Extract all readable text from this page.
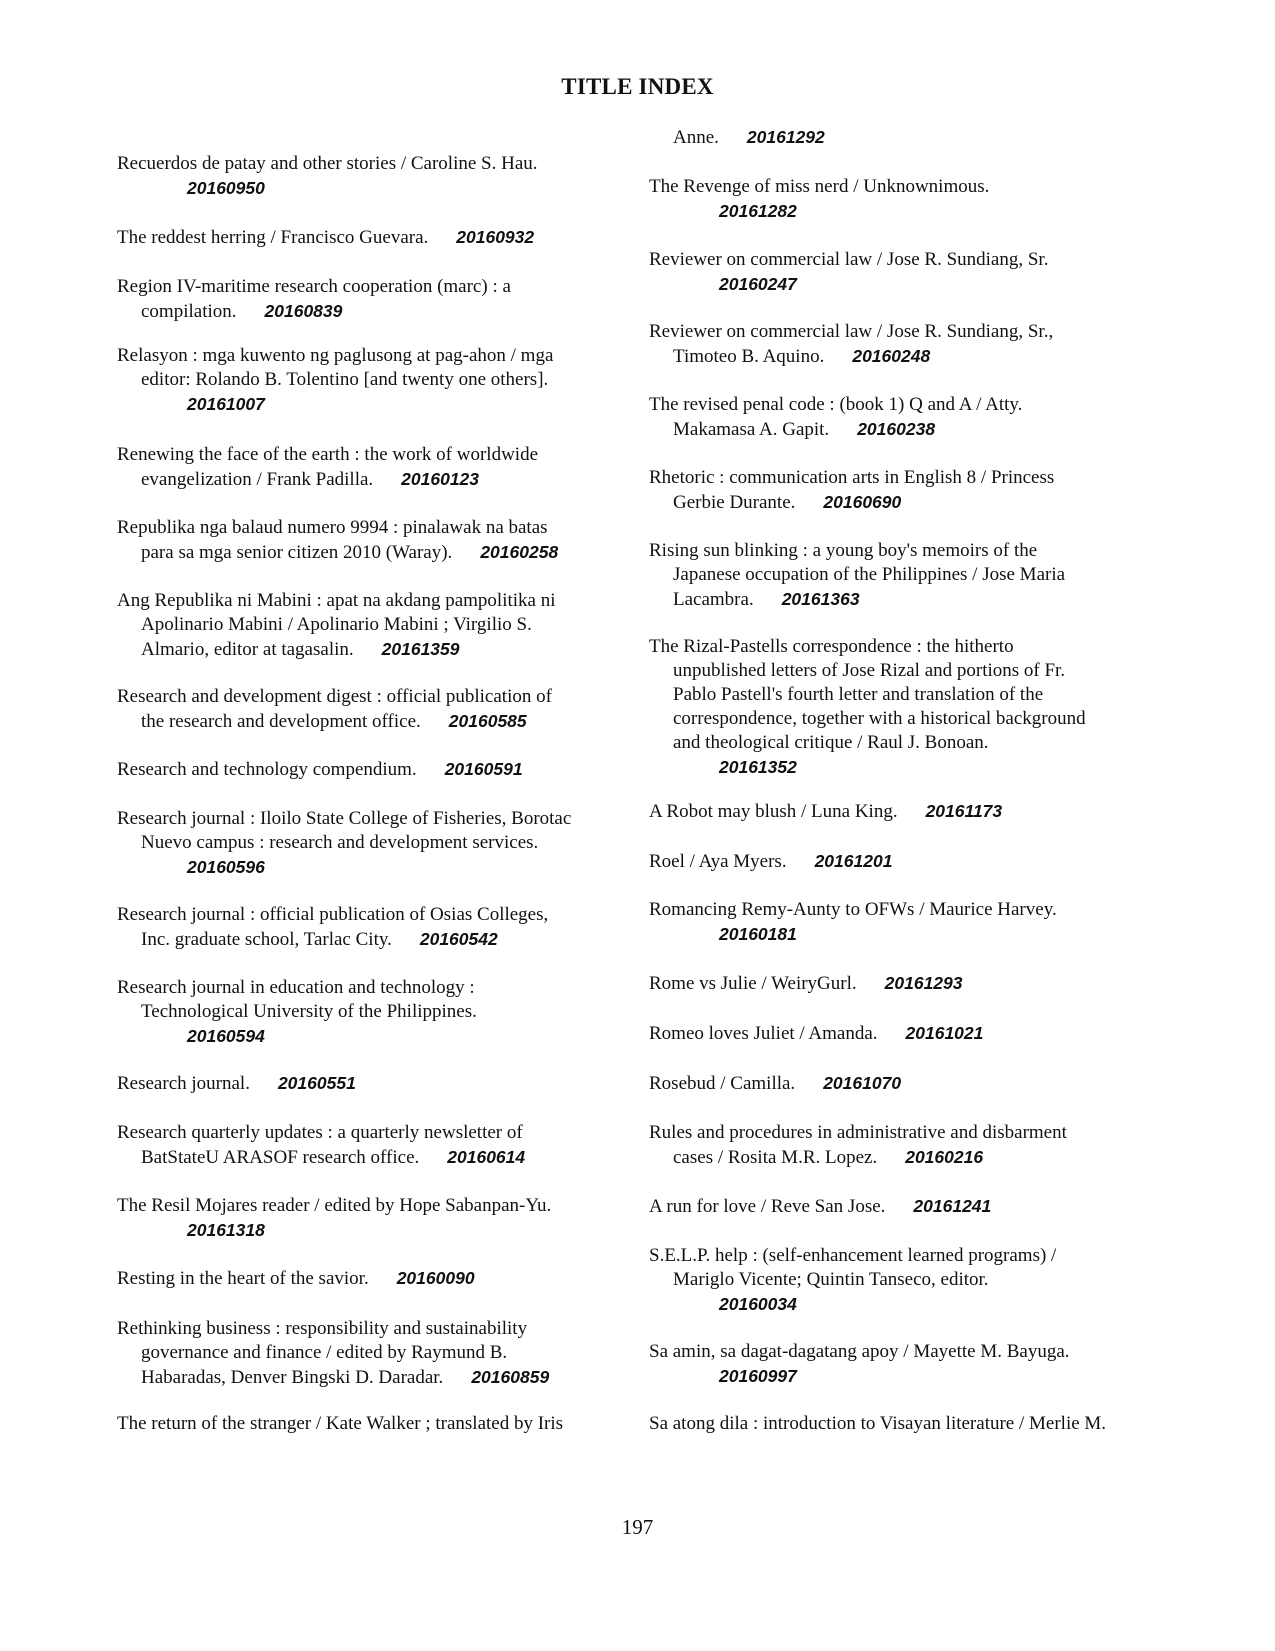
TITLE INDEX
Recuerdos de patay and other stories / Caroline S. Hau.
20160950
The reddest herring / Francisco Guevara. 20160932
Region IV-maritime research cooperation (marc) : a
compilation. 20160839
Relasyon : mga kuwento ng paglusong at pag-ahon / mga
editor: Rolando B. Tolentino [and twenty one others].
20161007
Renewing the face of the earth : the work of worldwide
evangelization / Frank Padilla. 20160123
Republika nga balaud numero 9994 : pinalawak na batas
para sa mga senior citizen 2010 (Waray). 20160258
Ang Republika ni Mabini : apat na akdang pampolitika ni
Apolinario Mabini / Apolinario Mabini ; Virgilio S.
Almario, editor at tagasalin. 20161359
Research and development digest : official publication of
the research and development office. 20160585
Research and technology compendium. 20160591
Research journal : Iloilo State College of Fisheries, Borotac
Nuevo campus : research and development services.
20160596
Research journal : official publication of Osias Colleges,
Inc. graduate school, Tarlac City. 20160542
Research journal in education and technology :
Technological University of the Philippines.
20160594
Research journal. 20160551
Research quarterly updates : a quarterly newsletter of
BatStateU ARASOF research office. 20160614
The Resil Mojares reader / edited by Hope Sabanpan-Yu.
20161318
Resting in the heart of the savior. 20160090
Rethinking business : responsibility and sustainability
governance and finance / edited by Raymund B.
Habaradas, Denver Bingski D. Daradar. 20160859
The return of the stranger / Kate Walker ; translated by Iris
Anne. 20161292
The Revenge of miss nerd / Unknownimous.
20161282
Reviewer on commercial law / Jose R. Sundiang, Sr.
20160247
Reviewer on commercial law / Jose R. Sundiang, Sr.,
Timoteo B. Aquino. 20160248
The revised penal code : (book 1) Q and A / Atty.
Makamasa A. Gapit. 20160238
Rhetoric : communication arts in English 8 / Princess
Gerbie Durante. 20160690
Rising sun blinking : a young boy's memoirs of the
Japanese occupation of the Philippines / Jose Maria
Lacambra. 20161363
The Rizal-Pastells correspondence : the hitherto
unpublished letters of Jose Rizal and portions of Fr.
Pablo Pastell's fourth letter and translation of the
correspondence, together with a historical background
and theological critique / Raul J. Bonoan.
20161352
A Robot may blush / Luna King. 20161173
Roel / Aya Myers. 20161201
Romancing Remy-Aunty to OFWs / Maurice Harvey.
20160181
Rome vs Julie / WeiryGurl. 20161293
Romeo loves Juliet / Amanda. 20161021
Rosebud / Camilla. 20161070
Rules and procedures in administrative and disbarment
cases / Rosita M.R. Lopez. 20160216
A run for love / Reve San Jose. 20161241
S.E.L.P. help : (self-enhancement learned programs) /
Mariglo Vicente; Quintin Tanseco, editor.
20160034
Sa amin, sa dagat-dagatang apoy / Mayette M. Bayuga.
20160997
Sa atong dila : introduction to Visayan literature / Merlie M.
197
